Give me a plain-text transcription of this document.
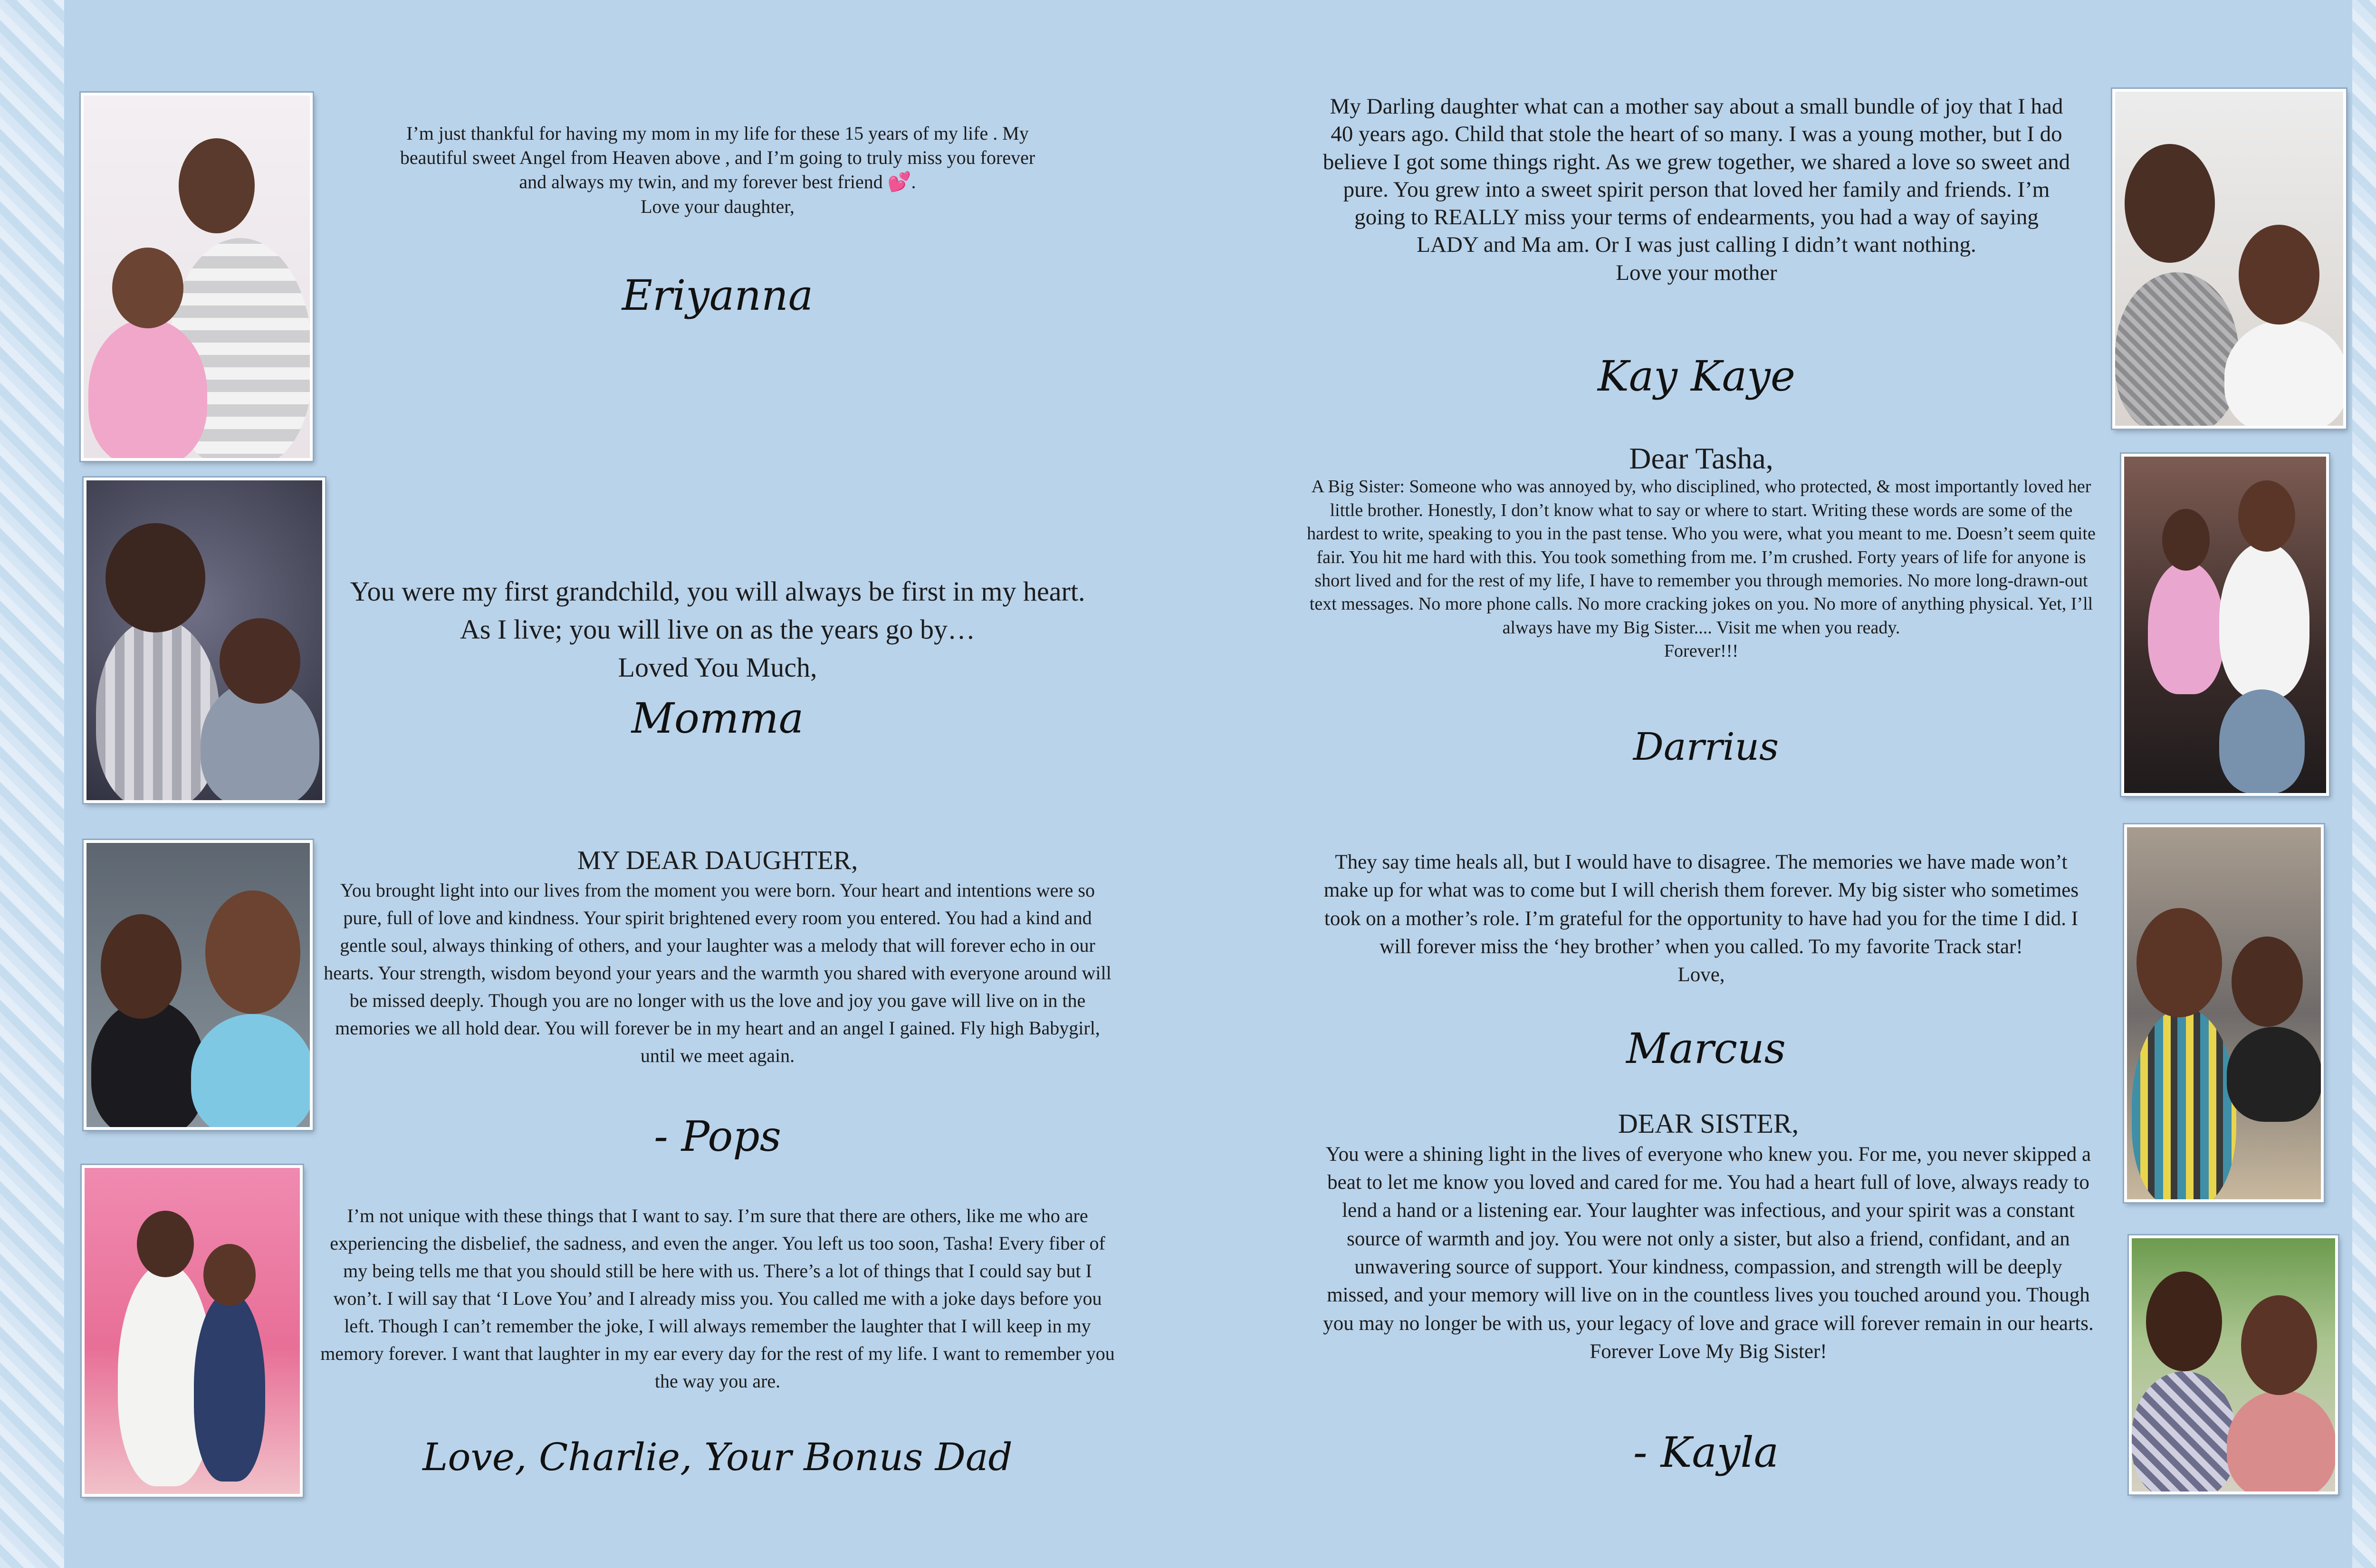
I’m just thankful for having my mom in my life for these 15 years of my life . My beautiful sweet Angel from Heaven above , and I’m going to truly miss you forever and always my twin, and my forever best friend 💕.
Love your daughter,
Eriyanna
You were my first grandchild, you will always be first in my heart. As I live; you will live on as the years go by…
Loved You Much,
Momma
MY DEAR DAUGHTER,
You brought light into our lives from the moment you were born. Your heart and intentions were so pure, full of love and kindness. Your spirit brightened every room you entered. You had a kind and gentle soul, always thinking of others, and your laughter was a melody that will forever echo in our hearts. Your strength, wisdom beyond your years and the warmth you shared with everyone around will be missed deeply. Though you are no longer with us the love and joy you gave will live on in the memories we all hold dear. You will forever be in my heart and an angel I gained. Fly high Babygirl, until we meet again.
- Pops
I’m not unique with these things that I want to say. I’m sure that there are others, like me who are experiencing the disbelief, the sadness, and even the anger. You left us too soon, Tasha! Every fiber of my being tells me that you should still be here with us. There’s a lot of things that I could say but I won’t. I will say that ‘I Love You’ and I already miss you. You called me with a joke days before you left. Though I can’t remember the joke, I will always remember the laughter that I will keep in my memory forever. I want that laughter in my ear every day for the rest of my life. I want to remember you the way you are.
Love, Charlie, Your Bonus Dad
My Darling daughter what can a mother say about a small bundle of joy that I had 40 years ago. Child that stole the heart of so many. I was a young mother, but I do believe I got some things right. As we grew together, we shared a love so sweet and pure. You grew into a sweet spirit person that loved her family and friends. I’m going to REALLY miss your terms of endearments, you had a way of saying LADY and Ma am. Or I was just calling I didn’t want nothing.
Love your mother
Kay Kaye
Dear Tasha,
A Big Sister: Someone who was annoyed by, who disciplined, who protected, & most importantly loved her little brother. Honestly, I don’t know what to say or where to start. Writing these words are some of the hardest to write, speaking to you in the past tense. Who you were, what you meant to me. Doesn’t seem quite fair. You hit me hard with this. You took something from me. I’m crushed. Forty years of life for anyone is short lived and for the rest of my life, I have to remember you through memories. No more long-drawn-out text messages. No more phone calls. No more cracking jokes on you. No more of anything physical. Yet, I’ll always have my Big Sister.... Visit me when you ready.
Forever!!!
Darrius
They say time heals all, but I would have to disagree. The memories we have made won’t make up for what was to come but I will cherish them forever. My big sister who sometimes took on a mother’s role. I’m grateful for the opportunity to have had you for the time I did. I will forever miss the ‘hey brother’ when you called. To my favorite Track star!
Love,
Marcus
DEAR SISTER,
You were a shining light in the lives of everyone who knew you. For me, you never skipped a beat to let me know you loved and cared for me. You had a heart full of love, always ready to lend a hand or a listening ear. Your laughter was infectious, and your spirit was a constant source of warmth and joy. You were not only a sister, but also a friend, confidant, and an unwavering source of support. Your kindness, compassion, and strength will be deeply missed, and your memory will live on in the countless lives you touched around you. Though you may no longer be with us, your legacy of love and grace will forever remain in our hearts.
Forever Love My Big Sister!
- Kayla
